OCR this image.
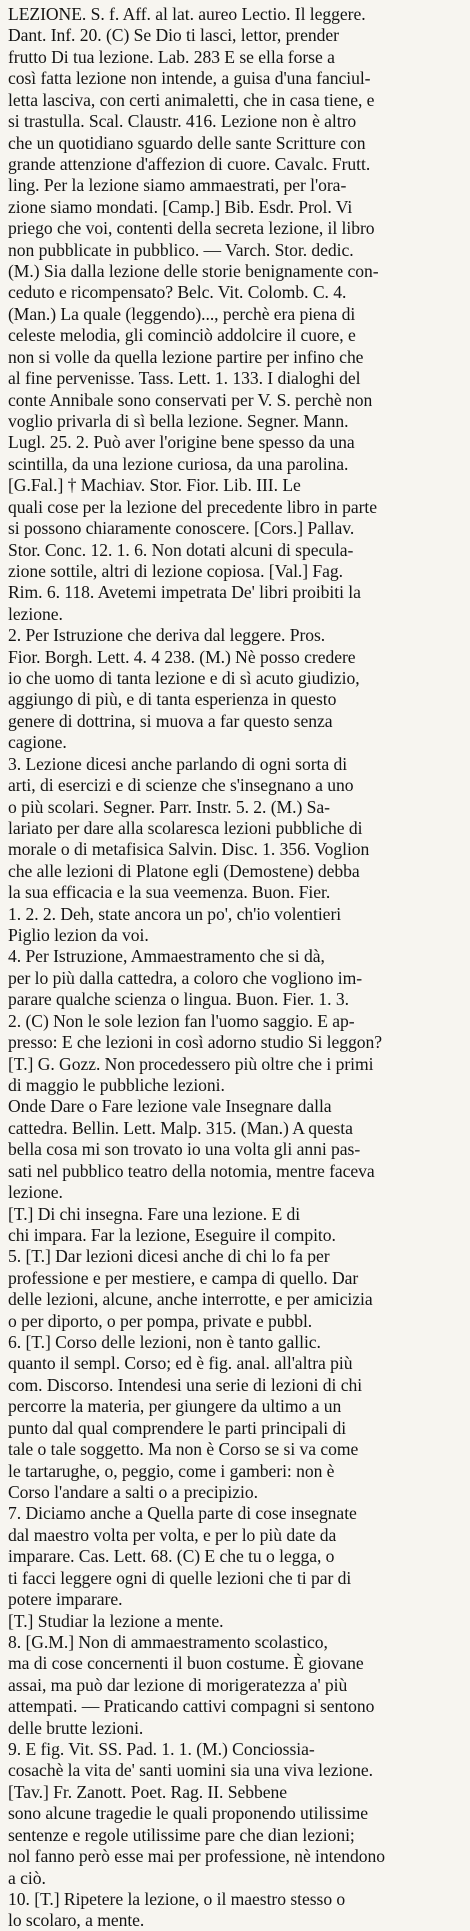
LEZIONE. S. f. Aff. al lat. aureo Lectio. Il leggere.
Dant. Inf. 20. (C) Se Dio ti lasci, lettor, prender
frutto Di tua lezione. Lab. 283 E se ella forse a
così fatta lezione non intende, a guisa d'una fanciul-
letta lasciva, con certi animaletti, che in casa tiene, e
si trastulla. Scal. Claustr. 416. Lezione non è altro
che un quotidiano sguardo delle sante Scritture con
grande attenzione d'affezion di cuore. Cavalc. Frutt.
ling. Per la lezione siamo ammaestrati, per l'ora-
zione siamo mondati. [Camp.] Bib. Esdr. Prol. Vi
priego che voi, contenti della secreta lezione, il libro
non pubblicate in pubblico. — Varch. Stor. dedic.
(M.) Sia dalla lezione delle storie benignamente con-
ceduto e ricompensato? Belc. Vit. Colomb. C. 4.
(Man.) La quale (leggendo)..., perchè era piena di
celeste melodia, gli cominciò addolcire il cuore, e
non si volle da quella lezione partire per infino che
al fine pervenisse. Tass. Lett. 1. 133. I dialoghi del
conte Annibale sono conservati per V. S. perchè non
voglio privarla di sì bella lezione. Segner. Mann.
Lugl. 25. 2. Può aver l'origine bene spesso da una
scintilla, da una lezione curiosa, da una parolina.
[G.Fal.] † Machiav. Stor. Fior. Lib. III. Le
quali cose per la lezione del precedente libro in parte
si possono chiaramente conoscere. [Cors.] Pallav.
Stor. Conc. 12. 1. 6. Non dotati alcuni di specula-
zione sottile, altri di lezione copiosa. [Val.] Fag.
Rim. 6. 118. Avetemi impetrata De' libri proibiti la
lezione.
2. Per Istruzione che deriva dal leggere. Pros.
Fior. Borgh. Lett. 4. 4 238. (M.) Nè posso credere
io che uomo di tanta lezione e di sì acuto giudizio,
aggiungo di più, e di tanta esperienza in questo
genere di dottrina, si muova a far questo senza
cagione.
3. Lezione dicesi anche parlando di ogni sorta di
arti, di esercizi e di scienze che s'insegnano a uno
o più scolari. Segner. Parr. Instr. 5. 2. (M.) Sa-
lariato per dare alla scolaresca lezioni pubbliche di
morale o di metafisica Salvin. Disc. 1. 356. Voglion
che alle lezioni di Platone egli (Demostene) debba
la sua efficacia e la sua veemenza. Buon. Fier.
1. 2. 2. Deh, state ancora un po', ch'io volentieri
Piglio lezion da voi.
4. Per Istruzione, Ammaestramento che si dà,
per lo più dalla cattedra, a coloro che vogliono im-
parare qualche scienza o lingua. Buon. Fier. 1. 3.
2. (C) Non le sole lezion fan l'uomo saggio. E ap-
presso: E che lezioni in così adorno studio Si leggon?
[T.] G. Gozz. Non procedessero più oltre che i primi
di maggio le pubbliche lezioni.
Onde Dare o Fare lezione vale Insegnare dalla
cattedra. Bellin. Lett. Malp. 315. (Man.) A questa
bella cosa mi son trovato io una volta gli anni pas-
sati nel pubblico teatro della notomia, mentre faceva
lezione.
[T.] Di chi insegna. Fare una lezione. E di
chi impara. Far la lezione, Eseguire il compito.
5. [T.] Dar lezioni dicesi anche di chi lo fa per
professione e per mestiere, e campa di quello. Dar
delle lezioni, alcune, anche interrotte, e per amicizia
o per diporto, o per pompa, private e pubbl.
6. [T.] Corso delle lezioni, non è tanto gallic.
quanto il sempl. Corso; ed è fig. anal. all'altra più
com. Discorso. Intendesi una serie di lezioni di chi
percorre la materia, per giungere da ultimo a un
punto dal qual comprendere le parti principali di
tale o tale soggetto. Ma non è Corso se si va come
le tartarughe, o, peggio, come i gamberi: non è
Corso l'andare a salti o a precipizio.
7. Diciamo anche a Quella parte di cose insegnate
dal maestro volta per volta, e per lo più date da
imparare. Cas. Lett. 68. (C) E che tu o legga, o
ti facci leggere ogni di quelle lezioni che ti par di
potere imparare.
[T.] Studiar la lezione a mente.
8. [G.M.] Non di ammaestramento scolastico,
ma di cose concernenti il buon costume. È giovane
assai, ma può dar lezione di morigeratezza a' più
attempati. — Praticando cattivi compagni si sentono
delle brutte lezioni.
9. E fig. Vit. SS. Pad. 1. 1. (M.) Conciossia-
cosachè la vita de' santi uomini sia una viva lezione.
[Tav.] Fr. Zanott. Poet. Rag. II. Sebbene
sono alcune tragedie le quali proponendo utilissime
sentenze e regole utilissime pare che dian lezioni;
nol fanno però esse mai per professione, nè intendono
a ciò.
10. [T.] Ripetere la lezione, o il maestro stesso o
lo scolaro, a mente.
